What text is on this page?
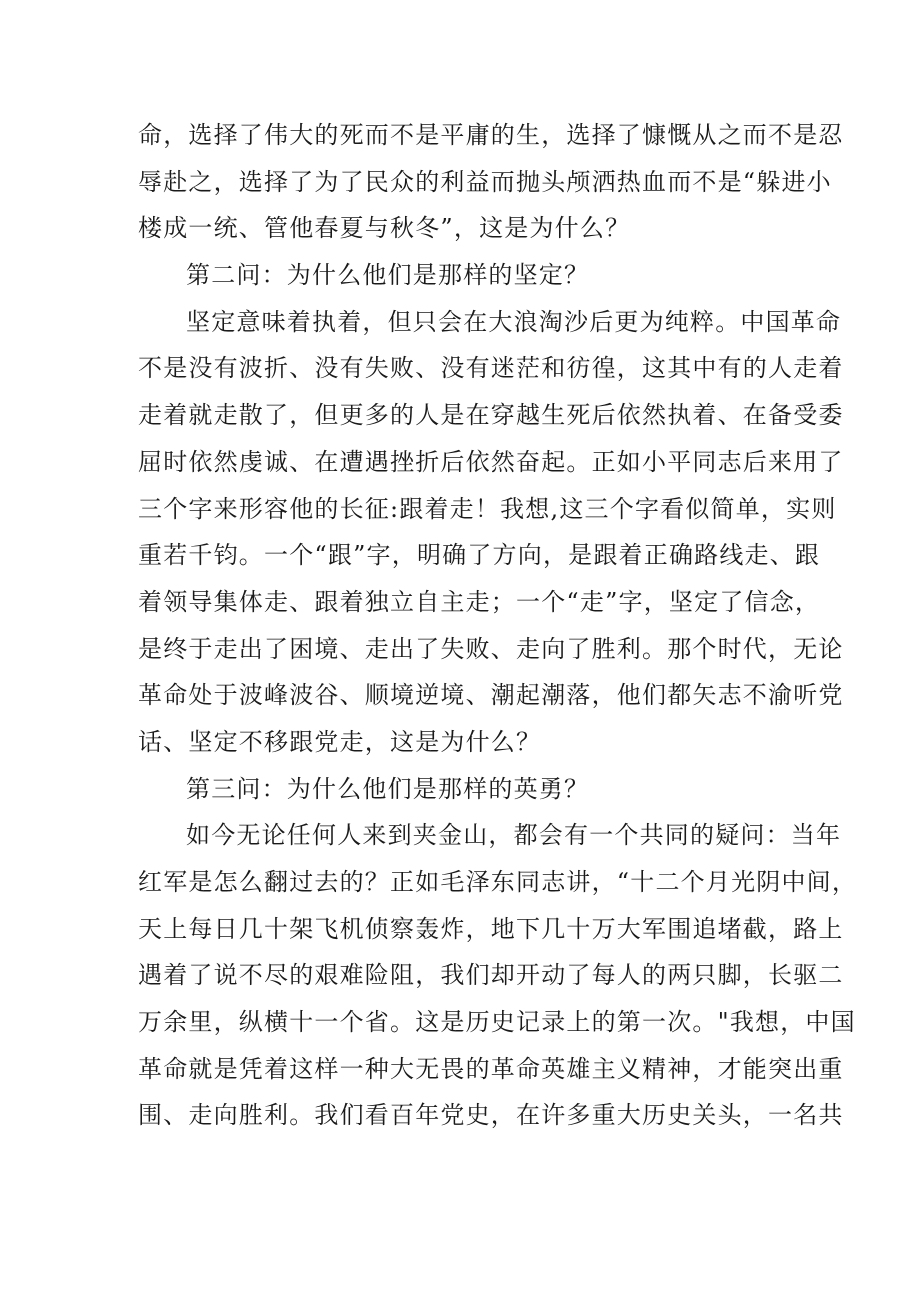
命，选择了伟大的死而不是平庸的生，选择了慷慨从之而不是忍
辱赴之，选择了为了民众的利益而抛头颅洒热血而不是“躲进小
楼成一统、管他春夏与秋冬”，这是为什么？
第二问：为什么他们是那样的坚定？
坚定意味着执着，但只会在大浪淘沙后更为纯粹。中国革命
不是没有波折、没有失败、没有迷茫和彷徨，这其中有的人走着
走着就走散了，但更多的人是在穿越生死后依然执着、在备受委
屈时依然虔诚、在遭遇挫折后依然奋起。正如小平同志后来用了
三个字来形容他的长征:跟着走！我想,这三个字看似简单，实则
重若千钧。一个“跟”字，明确了方向，是跟着正确路线走、跟
着领导集体走、跟着独立自主走；一个“走”字，坚定了信念，
是终于走出了困境、走出了失败、走向了胜利。那个时代，无论
革命处于波峰波谷、顺境逆境、潮起潮落，他们都矢志不渝听党
话、坚定不移跟党走，这是为什么？
第三问：为什么他们是那样的英勇？
如今无论任何人来到夹金山，都会有一个共同的疑问：当年
红军是怎么翻过去的？正如毛泽东同志讲，“十二个月光阴中间，
天上每日几十架飞机侦察轰炸，地下几十万大军围追堵截，路上
遇着了说不尽的艰难险阻，我们却开动了每人的两只脚，长驱二
万余里，纵横十一个省。这是历史记录上的第一次。"我想，中国
革命就是凭着这样一种大无畏的革命英雄主义精神，才能突出重
围、走向胜利。我们看百年党史，在许多重大历史关头，一名共
